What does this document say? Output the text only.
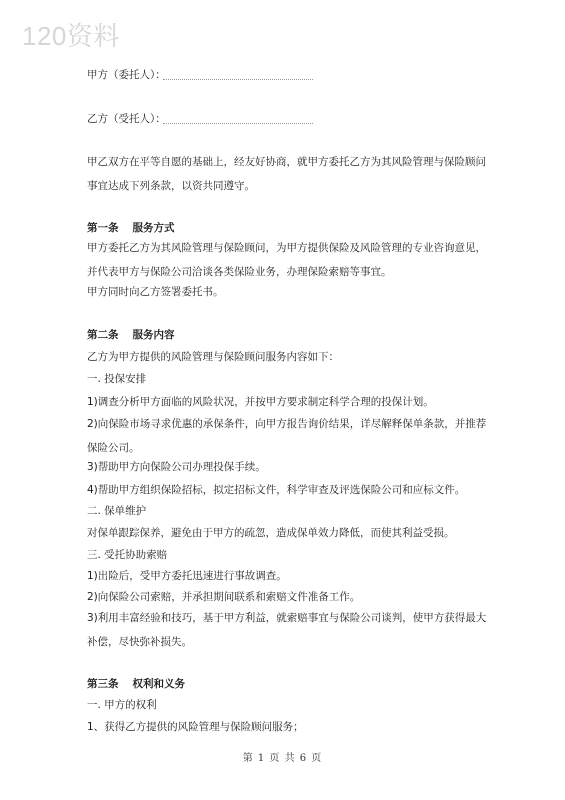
120资料
甲方（委托人）：
乙方（受托人）：
甲乙双方在平等自愿的基础上，经友好协商，就甲方委托乙方为其风险管理与保险顾问事宜达成下列条款，以资共同遵守。
第一条 服务方式
甲方委托乙方为其风险管理与保险顾问，为甲方提供保险及风险管理的专业咨询意见，并代表甲方与保险公司洽谈各类保险业务，办理保险索赔等事宜。
甲方同时向乙方签署委托书。
第二条 服务内容
乙方为甲方提供的风险管理与保险顾问服务内容如下：
一. 投保安排
1)调查分析甲方面临的风险状况，并按甲方要求制定科学合理的投保计划。
2)向保险市场寻求优惠的承保条件，向甲方报告询价结果，详尽解释保单条款，并推荐保险公司。
3)帮助甲方向保险公司办理投保手续。
4)帮助甲方组织保险招标，拟定招标文件，科学审查及评选保险公司和应标文件。
二. 保单维护
对保单跟踪保养，避免由于甲方的疏忽，造成保单效力降低，而使其利益受损。
三. 受托协助索赔
1)出险后，受甲方委托迅速进行事故调查。
2)向保险公司索赔，并承担期间联系和索赔文件准备工作。
3)利用丰富经验和技巧，基于甲方利益，就索赔事宜与保险公司谈判，使甲方获得最大补偿，尽快弥补损失。
第三条 权利和义务
一. 甲方的权利
1、获得乙方提供的风险管理与保险顾问服务；
第 1 页 共 6 页
